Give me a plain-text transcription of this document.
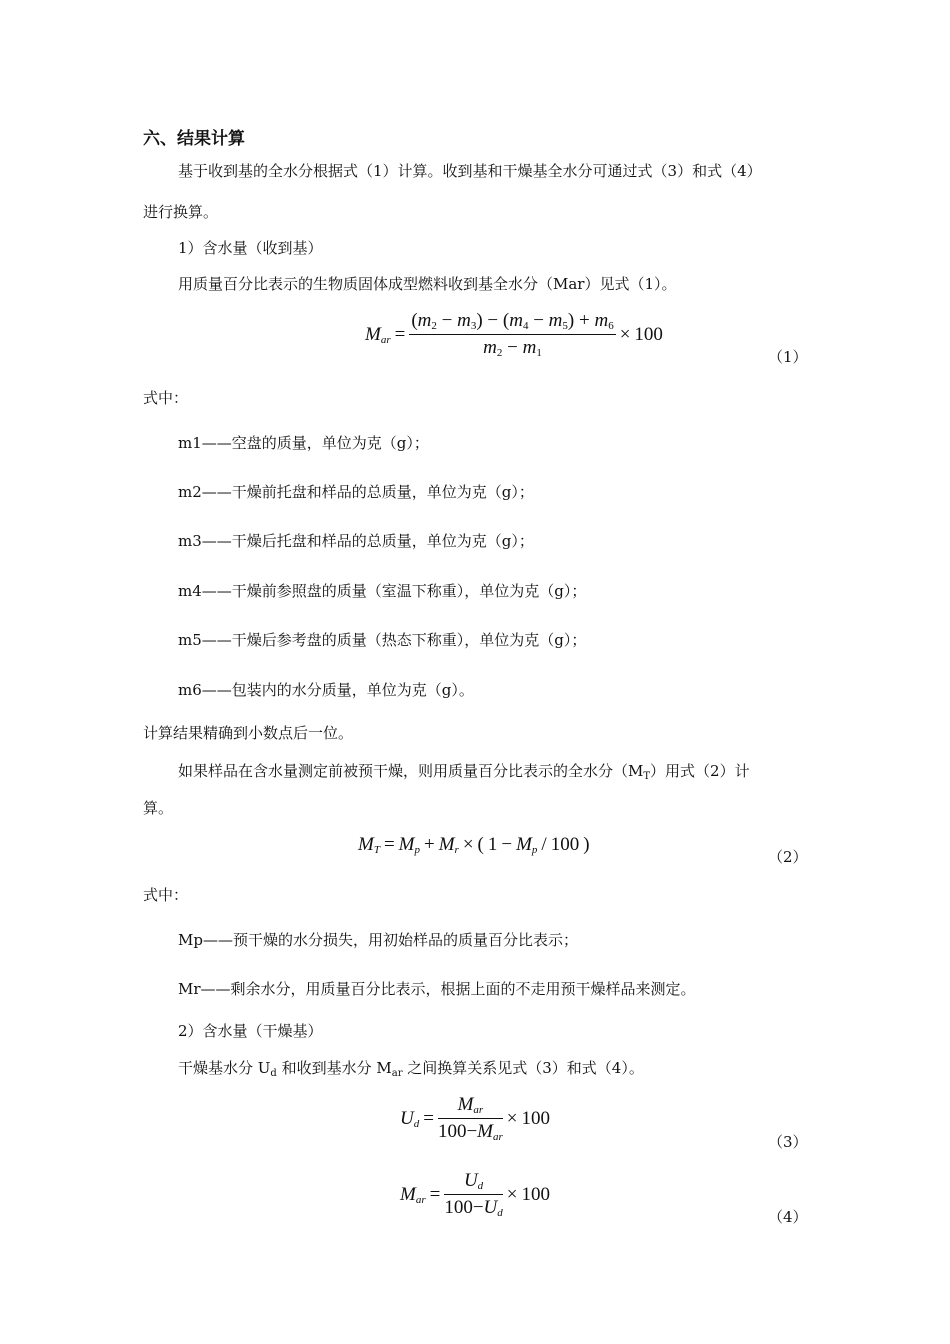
六、结果计算
基于收到基的全水分根据式（1）计算。收到基和干燥基全水分可通过式（3）和式（4）
进行换算。
1）含水量（收到基）
用质量百分比表示的生物质固体成型燃料收到基全水分（Mar）见式（1）。
$M_{ar}$ =
$(m_2 - m_3) - (m_4 - m_5) + m_6$
$m_2 - m_1$
× 100
（1）
式中：
m1——空盘的质量，单位为克（g）；
m2——干燥前托盘和样品的总质量，单位为克（g）；
m3——干燥后托盘和样品的总质量，单位为克（g）；
m4——干燥前参照盘的质量（室温下称重），单位为克（g）；
m5——干燥后参考盘的质量（热态下称重），单位为克（g）；
m6——包装内的水分质量，单位为克（g）。
计算结果精确到小数点后一位。
如果样品在含水量测定前被预干燥，则用质量百分比表示的全水分$(M_T)$用式（2）计
算。
$M_T = M_p + M_r$ × ( $1 - M_p / 100$ )
（2）
式中：
Mp——预干燥的水分损失，用初始样品的质量百分比表示；
Mr——剩余水分，用质量百分比表示，根据上面的不走用预干燥样品来测定。
2）含水量（干燥基）
干燥基水分 $U_d$ 和收到基水分 $M_{ar}$ 之间换算关系见式（3）和式（4）。
$U_d = \frac{M_{ar}}{100-M_{ar}} \times 100$
（3）
$M_{ar} = \frac{U_d}{100-U_d} \times 100$
（4）
